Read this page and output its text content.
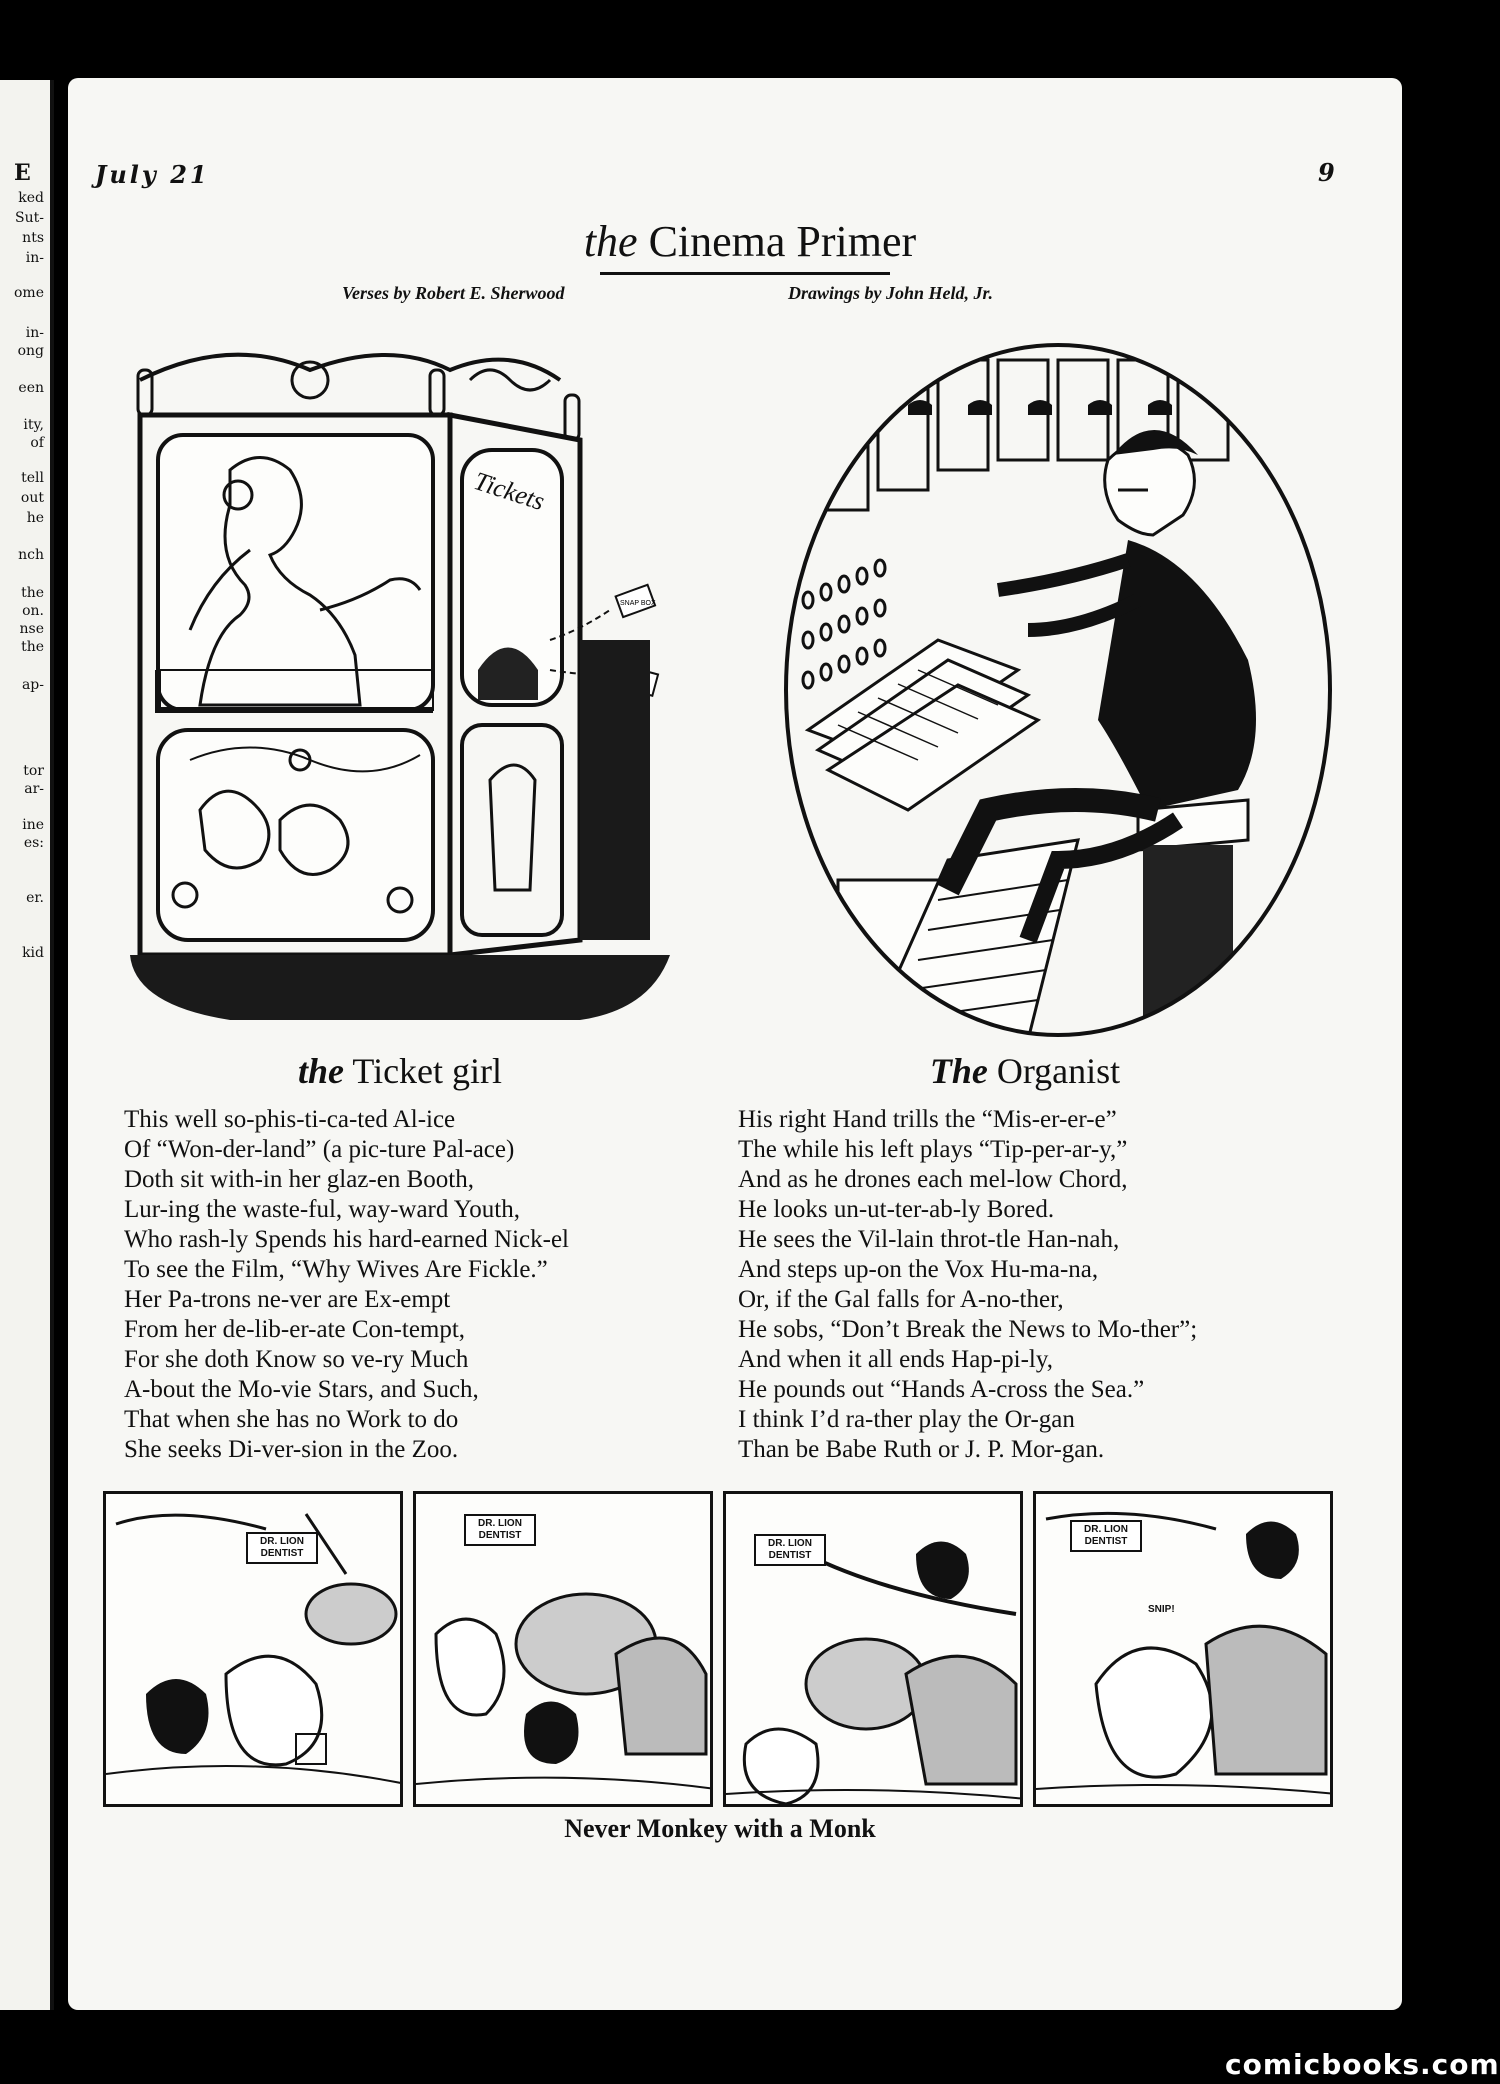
E
ked
Sut-
nts
in-
ome
in-
ong
een
ity,
of
tell
out
he
nch
the
on.
nse
the
ap-
tor
ar-
ine
es:
er.
kid
July 21	9
the Cinema Primer
Verses by Robert E. Sherwood	Drawings by John Held, Jr.
Tickets
SNAP BOX
the Ticket girl	The Organist
This well so-phis-ti-ca-ted Al-ice
Of “Won-der-land” (a pic-ture Pal-ace)
Doth sit with-in her glaz-en Booth,
Lur-ing the waste-ful, way-ward Youth,
Who rash-ly Spends his hard-earned Nick-el
To see the Film, “Why Wives Are Fickle.”
Her Pa-trons ne-ver are Ex-empt
From her de-lib-er-ate Con-tempt,
For she doth Know so ve-ry Much
A-bout the Mo-vie Stars, and Such,
That when she has no Work to do
She seeks Di-ver-sion in the Zoo.
His right Hand trills the “Mis-er-er-e”
The while his left plays “Tip-per-ar-y,”
And as he drones each mel-low Chord,
He looks un-ut-ter-ab-ly Bored.
He sees the Vil-lain throt-tle Han-nah,
And steps up-on the Vox Hu-ma-na,
Or, if the Gal falls for A-no-ther,
He sobs, “Don’t Break the News to Mo-ther”;
And when it all ends Hap-pi-ly,
He pounds out “Hands A-cross the Sea.”
I think I’d ra-ther play the Or-gan
Than be Babe Ruth or J. P. Mor-gan.
DR. LION
DENTIST
DR. LION
DENTIST
DR. LION
DENTIST
DR. LION
DENTIST
SNIP!
Never Monkey with a Monk
comicbooks.com
